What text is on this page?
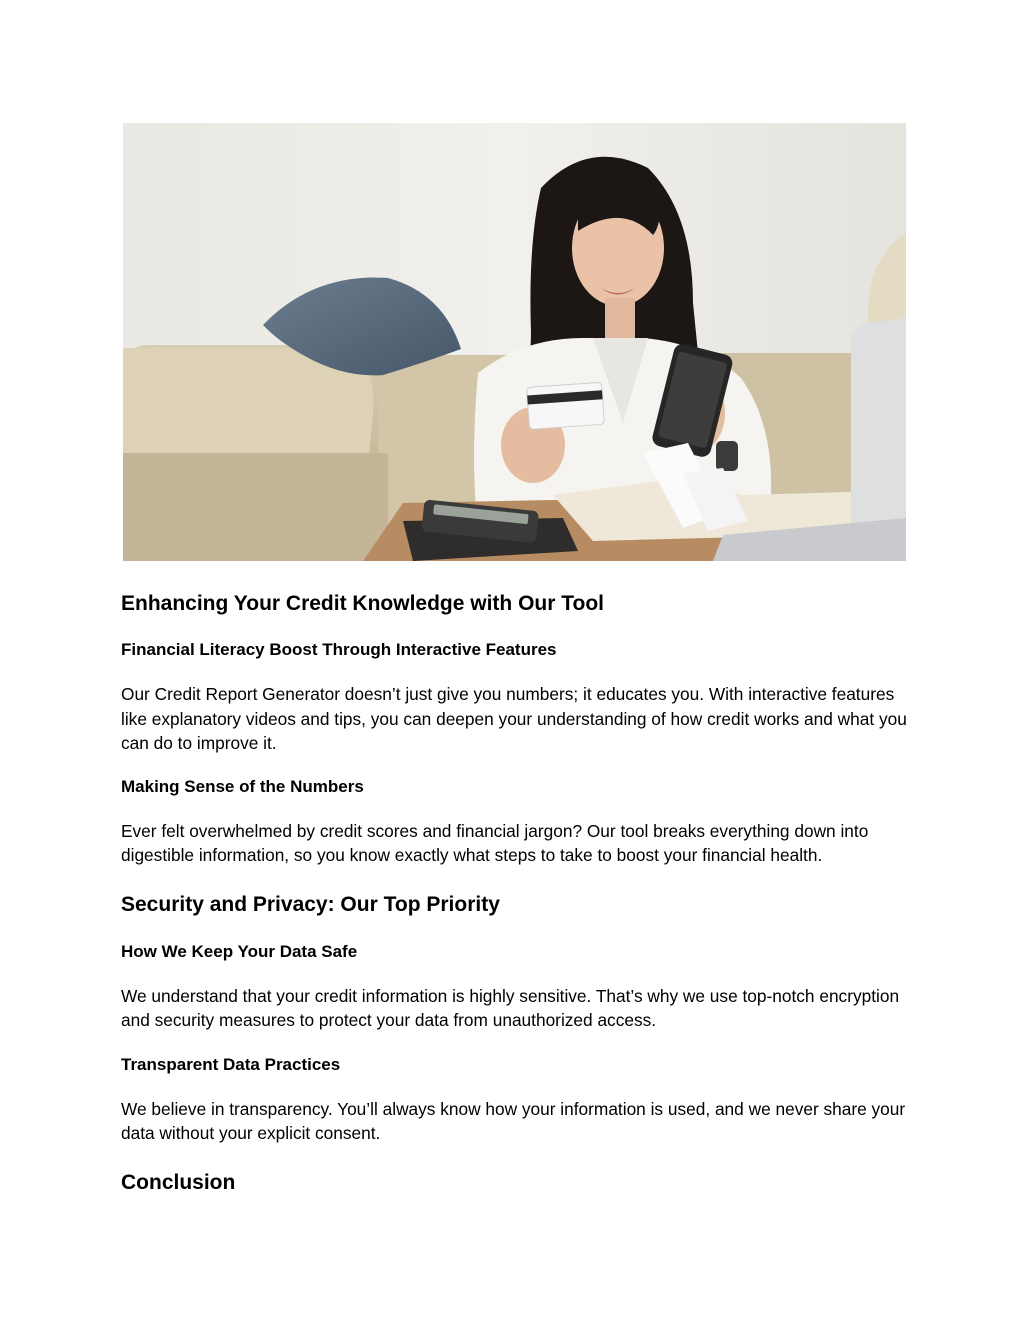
Enhancing Your Credit Knowledge with Our Tool
Financial Literacy Boost Through Interactive Features

Our Credit Report Generator doesn’t just give you numbers; it educates you. With interactive features like explanatory videos and tips, you can deepen your understanding of how credit works and what you can do to improve it.

Making Sense of the Numbers

Ever felt overwhelmed by credit scores and financial jargon? Our tool breaks everything down into digestible information, so you know exactly what steps to take to boost your financial health.

Security and Privacy: Our Top Priority
How We Keep Your Data Safe

We understand that your credit information is highly sensitive. That’s why we use top-notch encryption and security measures to protect your data from unauthorized access.

Transparent Data Practices

We believe in transparency. You’ll always know how your information is used, and we never share your data without your explicit consent.

Conclusion
